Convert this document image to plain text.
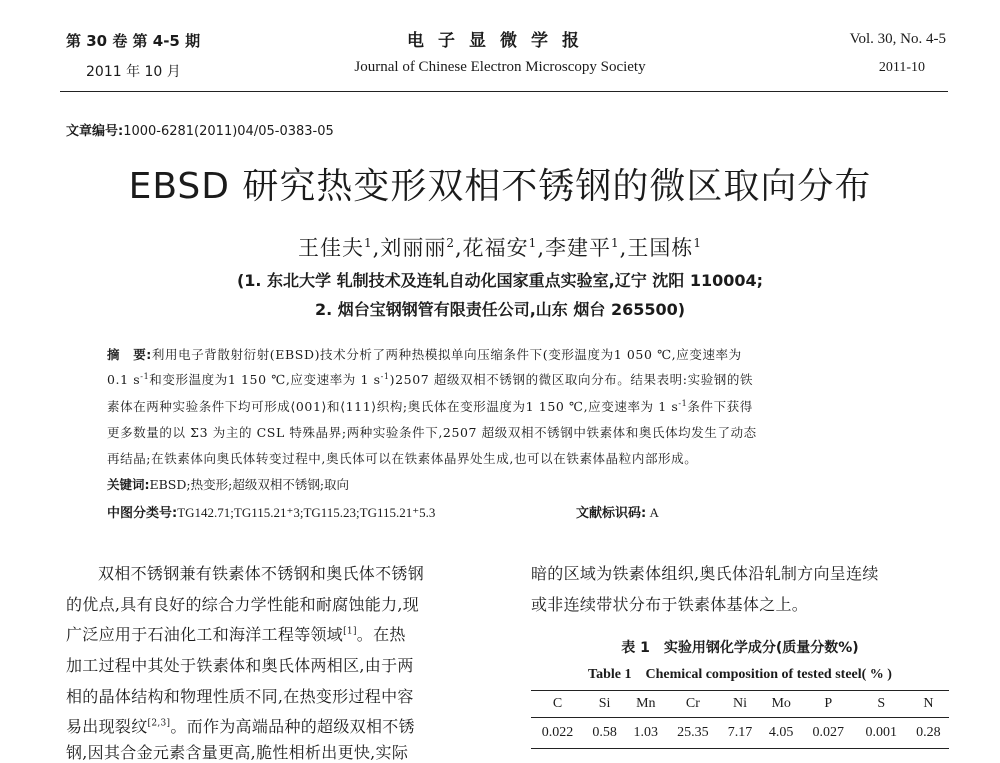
第 30 卷 第 4-5 期
2011 年 10 月
电子显微学报
Journal of Chinese Electron Microscopy Society
Vol. 30, No. 4-5
2011-10
文章编号:1000-6281(2011)04/05-0383-05
EBSD 研究热变形双相不锈钢的微区取向分布
王佳夫$^1$,刘丽丽$^2$,花福安$^1$,李建平$^1$,王国栋$^1$
(1. 东北大学 轧制技术及连轧自动化国家重点实验室,辽宁 沈阳 110004;
2. 烟台宝钢钢管有限责任公司,山东 烟台 265500)
摘　要:利用电子背散射衍射(EBSD)技术分析了两种热模拟单向压缩条件下(变形温度为1 050 ℃,应变速率为
0.1 $s^{-1}$和变形温度为1 150 ℃,应变速率为 1 $s^{-1})2507$ 超级双相不锈钢的微区取向分布。结果表明:实验钢的铁
素体在两种实验条件下均可形成⟨001⟩和⟨111⟩织构;奥氏体在变形温度为1 150 ℃,应变速率为 1 $s^{-1}$条件下获得
更多数量的以 Σ3 为主的 CSL 特殊晶界;两种实验条件下,2507 超级双相不锈钢中铁素体和奥氏体均发生了动态
再结晶;在铁素体向奥氏体转变过程中,奥氏体可以在铁素体晶界处生成,也可以在铁素体晶粒内部形成。
关键词:EBSD;热变形;超级双相不锈钢;取向
中图分类号:TG142.71;TG115.21⁺3;TG115.23;TG115.21⁺5.3	文献标识码: A
双相不锈钢兼有铁素体不锈钢和奥氏体不锈钢
的优点,具有良好的综合力学性能和耐腐蚀能力,现
广泛应用于石油化工和海洋工程等领域[1]。在热
加工过程中其处于铁素体和奥氏体两相区,由于两
相的晶体结构和物理性质不同,在热变形过程中容
易出现裂纹[2,3]。而作为高端品种的超级双相不锈
钢,因其合金元素含量更高,脆性相析出更快,实际
暗的区域为铁素体组织,奥氏体沿轧制方向呈连续
或非连续带状分布于铁素体基体之上。
表 1　实验用钢化学成分(质量分数%)
Table 1　Chemical composition of tested steel( % )
C	Si	Mn	Cr	Ni	Mo	P	S	N
0.022	0.58	1.03	25.35	7.17	4.05	0.027	0.001	0.28
